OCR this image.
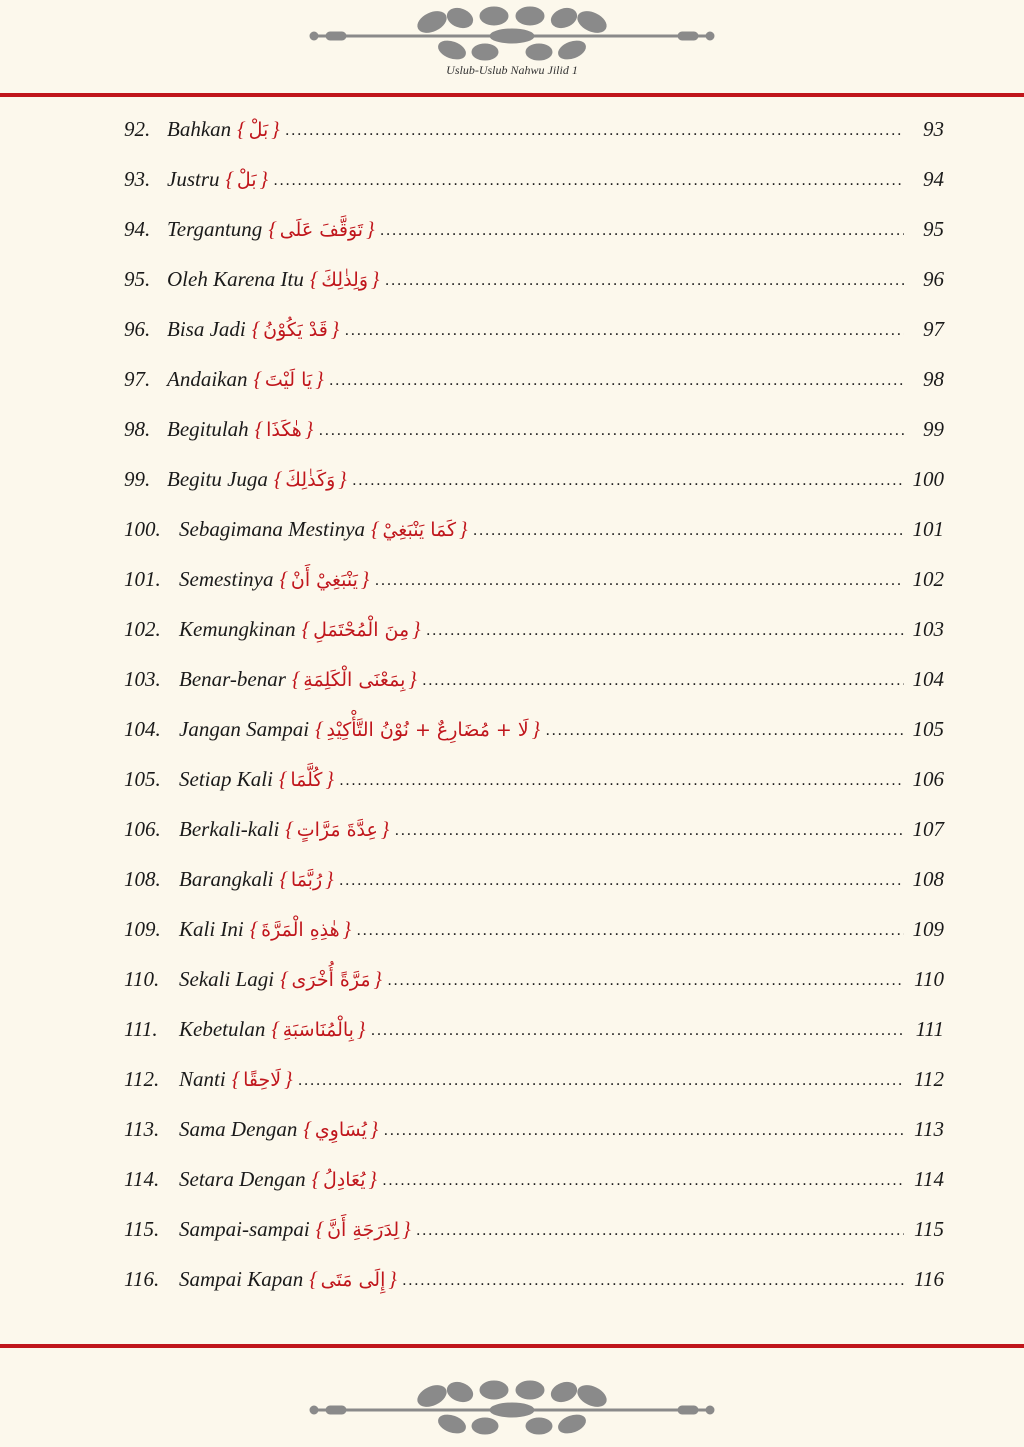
Uslub-Uslub Nahwu Jilid 1
92. Bahkan { بَلْ } .....	93
93. Justru { بَلْ } .....	94
94. Tergantung { تَوَقَّفَ عَلَى } .....	95
95. Oleh Karena Itu { وَلِذٰلِكَ } .....	96
96. Bisa Jadi { قَدْ يَكُوْنُ } .....	97
97. Andaikan { يَا لَيْتَ } .....	98
98. Begitulah { هٰكَذَا } .....	99
99. Begitu Juga { وَكَذٰلِكَ } .....	100
100. Sebagimana Mestinya { كَمَا يَنْبَغِيْ } .....	101
101. Semestinya { يَنْبَغِيْ أَنْ } .....	102
102. Kemungkinan { مِنَ الْمُحْتَمَلِ } .....	103
103. Benar-benar { بِمَعْنَى الْكَلِمَةِ } .....	104
104. Jangan Sampai { لَا + مُضَارِعٌ + نُوْنُ التَّأْكِيْدِ } .....	105
105. Setiap Kali { كُلَّمَا } .....	106
106. Berkali-kali { عِدَّةَ مَرَّاتٍ } .....	107
108. Barangkali { رُبَّمَا } .....	108
109. Kali Ini { هٰذِهِ الْمَرَّةَ } .....	109
110. Sekali Lagi { مَرَّةً أُخْرَى } .....	110
111.	Kebetulan { بِالْمُنَاسَبَةِ } .....	111
112. Nanti { لَاحِقًا } .....	112
113. Sama Dengan { يُسَاوِي } .....	113
114. Setara Dengan { يُعَادِلُ } .....	114
115. Sampai-sampai { لِدَرَجَةِ أَنَّ } .....	115
116. Sampai Kapan { إِلَى مَتَى } .....	116
